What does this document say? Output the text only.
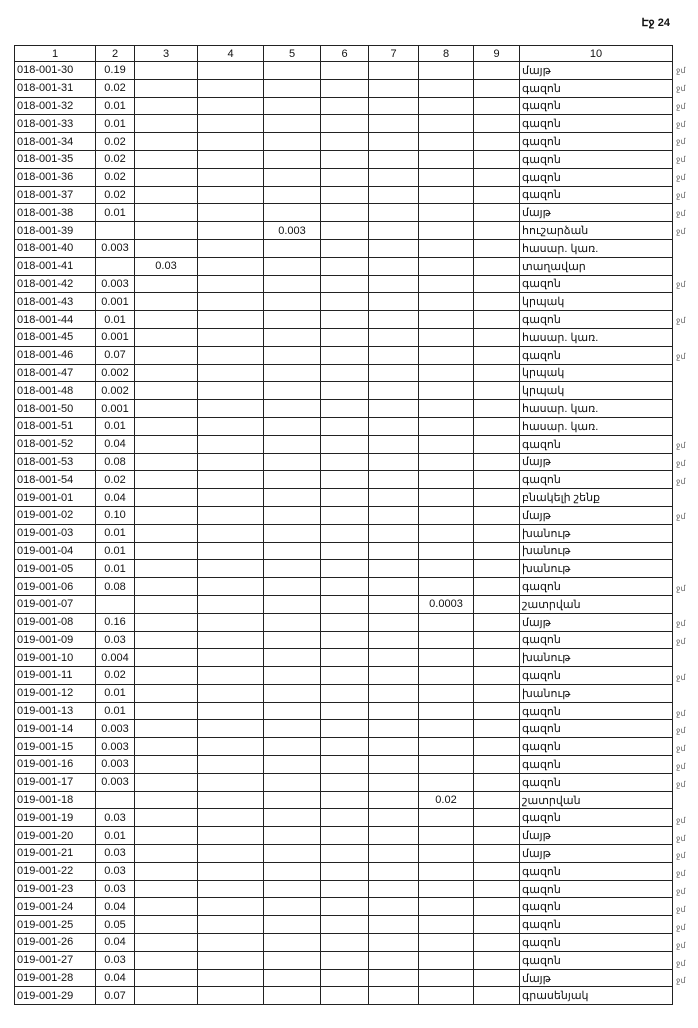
Էջ 24
1	2	3	4	5	6	7	8	9	10
018-001-30	0.19								մայթ
018-001-31	0.02								գազոն
018-001-32	0.01								գազոն
018-001-33	0.01								գազոն
018-001-34	0.02								գազոն
018-001-35	0.02								գազոն
018-001-36	0.02								գազոն
018-001-37	0.02								գազոն
018-001-38	0.01								մայթ
018-001-39				0.003					հուշարձան
018-001-40	0.003								հասար. կառ.
018-001-41		0.03							տաղավար
018-001-42	0.003								գազոն
018-001-43	0.001								կրպակ
018-001-44	0.01								գազոն
018-001-45	0.001								հասար. կառ.
018-001-46	0.07								գազոն
018-001-47	0.002								կրպակ
018-001-48	0.002								կրպակ
018-001-50	0.001								հասար. կառ.
018-001-51	0.01								հասար. կառ.
018-001-52	0.04								գազոն
018-001-53	0.08								մայթ
018-001-54	0.02								գազոն
019-001-01	0.04								բնակելի շենք
019-001-02	0.10								մայթ
019-001-03	0.01								խանութ
019-001-04	0.01								խանութ
019-001-05	0.01								խանութ
019-001-06	0.08								գազոն
019-001-07							0.0003		շատրվան
019-001-08	0.16								մայթ
019-001-09	0.03								գազոն
019-001-10	0.004								խանութ
019-001-11	0.02								գազոն
019-001-12	0.01								խանութ
019-001-13	0.01								գազոն
019-001-14	0.003								գազոն
019-001-15	0.003								գազոն
019-001-16	0.003								գազոն
019-001-17	0.003								գազոն
019-001-18							0.02		շատրվան
019-001-19	0.03								գազոն
019-001-20	0.01								մայթ
019-001-21	0.03								մայթ
019-001-22	0.03								գազոն
019-001-23	0.03								գազոն
019-001-24	0.04								գազոն
019-001-25	0.05								գազոն
019-001-26	0.04								գազոն
019-001-27	0.03								գազոն
019-001-28	0.04								մայթ
019-001-29	0.07								գրասենյակ
ջմ
ջմ
ջմ
ջմ
ջմ
ջմ
ջմ
ջմ
ջմ
ջմ
ջմ
ջմ
ջմ
ջմ
ջմ
ջմ
ջմ
ջմ
ջմ
ջմ
ջմ
ջմ
ջմ
ջմ
ջմ
ջմ
ջմ
ջմ
ջմ
ջմ
ջմ
ջմ
ջմ
ջմ
ջմ
ջմ
